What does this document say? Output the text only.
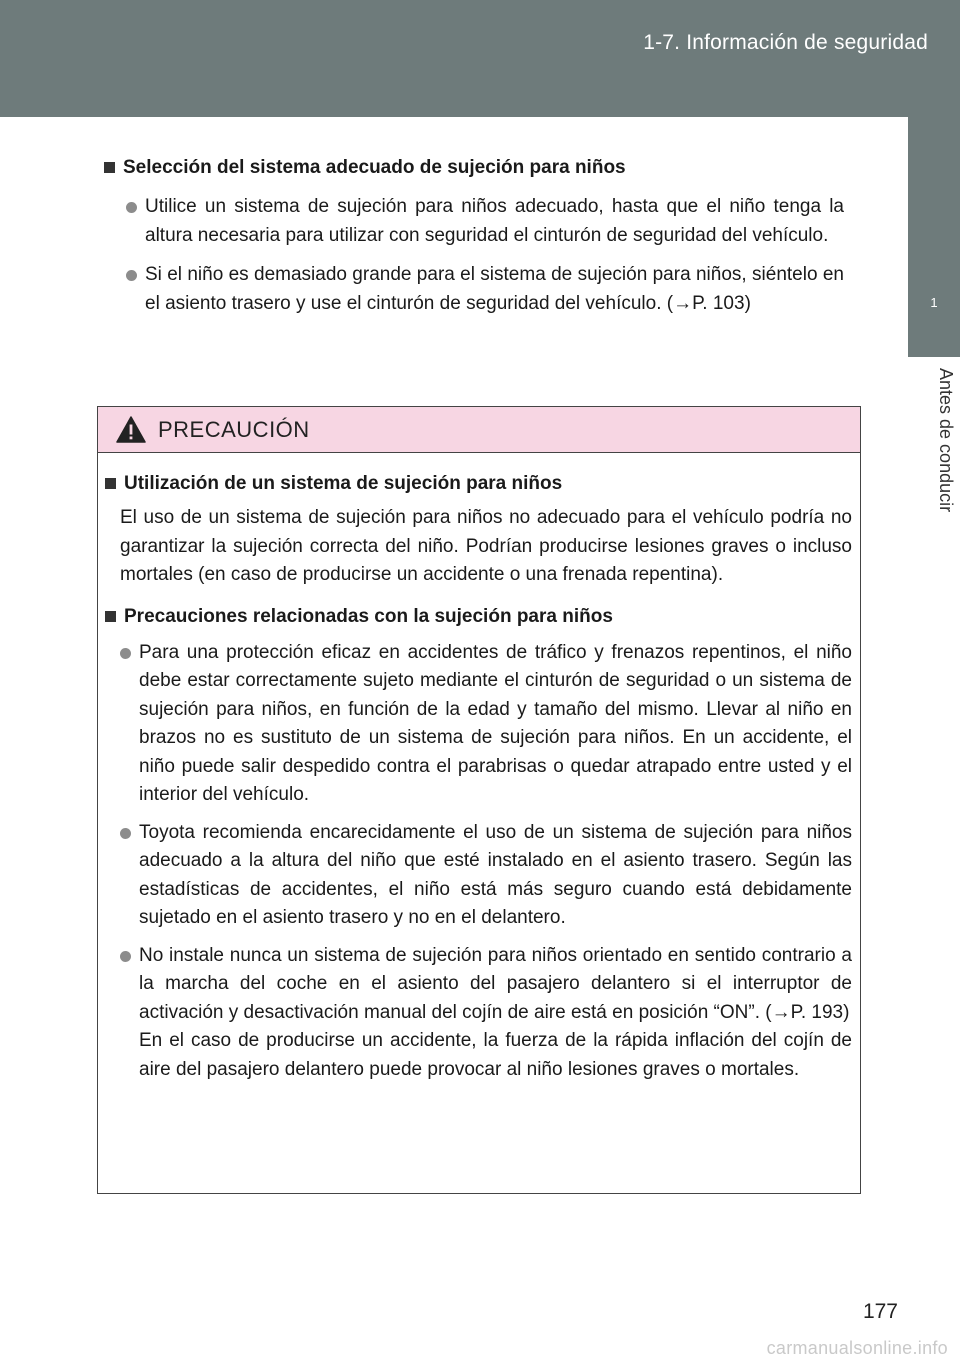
1-7. Información de seguridad
1
Antes de conducir
Selección del sistema adecuado de sujeción para niños
Utilice un sistema de sujeción para niños adecuado, hasta que el niño tenga la altura necesaria para utilizar con seguridad el cinturón de seguridad del vehículo.
Si el niño es demasiado grande para el sistema de sujeción para niños, siéntelo en el asiento trasero y use el cinturón de seguridad del vehículo. (→P. 103)
PRECAUCIÓN
Utilización de un sistema de sujeción para niños
El uso de un sistema de sujeción para niños no adecuado para el vehículo podría no garantizar la sujeción correcta del niño. Podrían producirse lesiones graves o incluso mortales (en caso de producirse un accidente o una frenada repentina).
Precauciones relacionadas con la sujeción para niños
Para una protección eficaz en accidentes de tráfico y frenazos repentinos, el niño debe estar correctamente sujeto mediante el cinturón de seguridad o un sistema de sujeción para niños, en función de la edad y tamaño del mismo. Llevar al niño en brazos no es sustituto de un sistema de sujeción para niños. En un accidente, el niño puede salir despedido contra el parabrisas o quedar atrapado entre usted y el interior del vehículo.
Toyota recomienda encarecidamente el uso de un sistema de sujeción para niños adecuado a la altura del niño que esté instalado en el asiento trasero. Según las estadísticas de accidentes, el niño está más seguro cuando está debidamente sujetado en el asiento trasero y no en el delantero.
No instale nunca un sistema de sujeción para niños orientado en sentido contrario a la marcha del coche en el asiento del pasajero delantero si el interruptor de activación y desactivación manual del cojín de aire está en posición “ON”. (→P. 193)
En el caso de producirse un accidente, la fuerza de la rápida inflación del cojín de aire del pasajero delantero puede provocar al niño lesiones graves o mortales.
177
carmanualsonline.info
